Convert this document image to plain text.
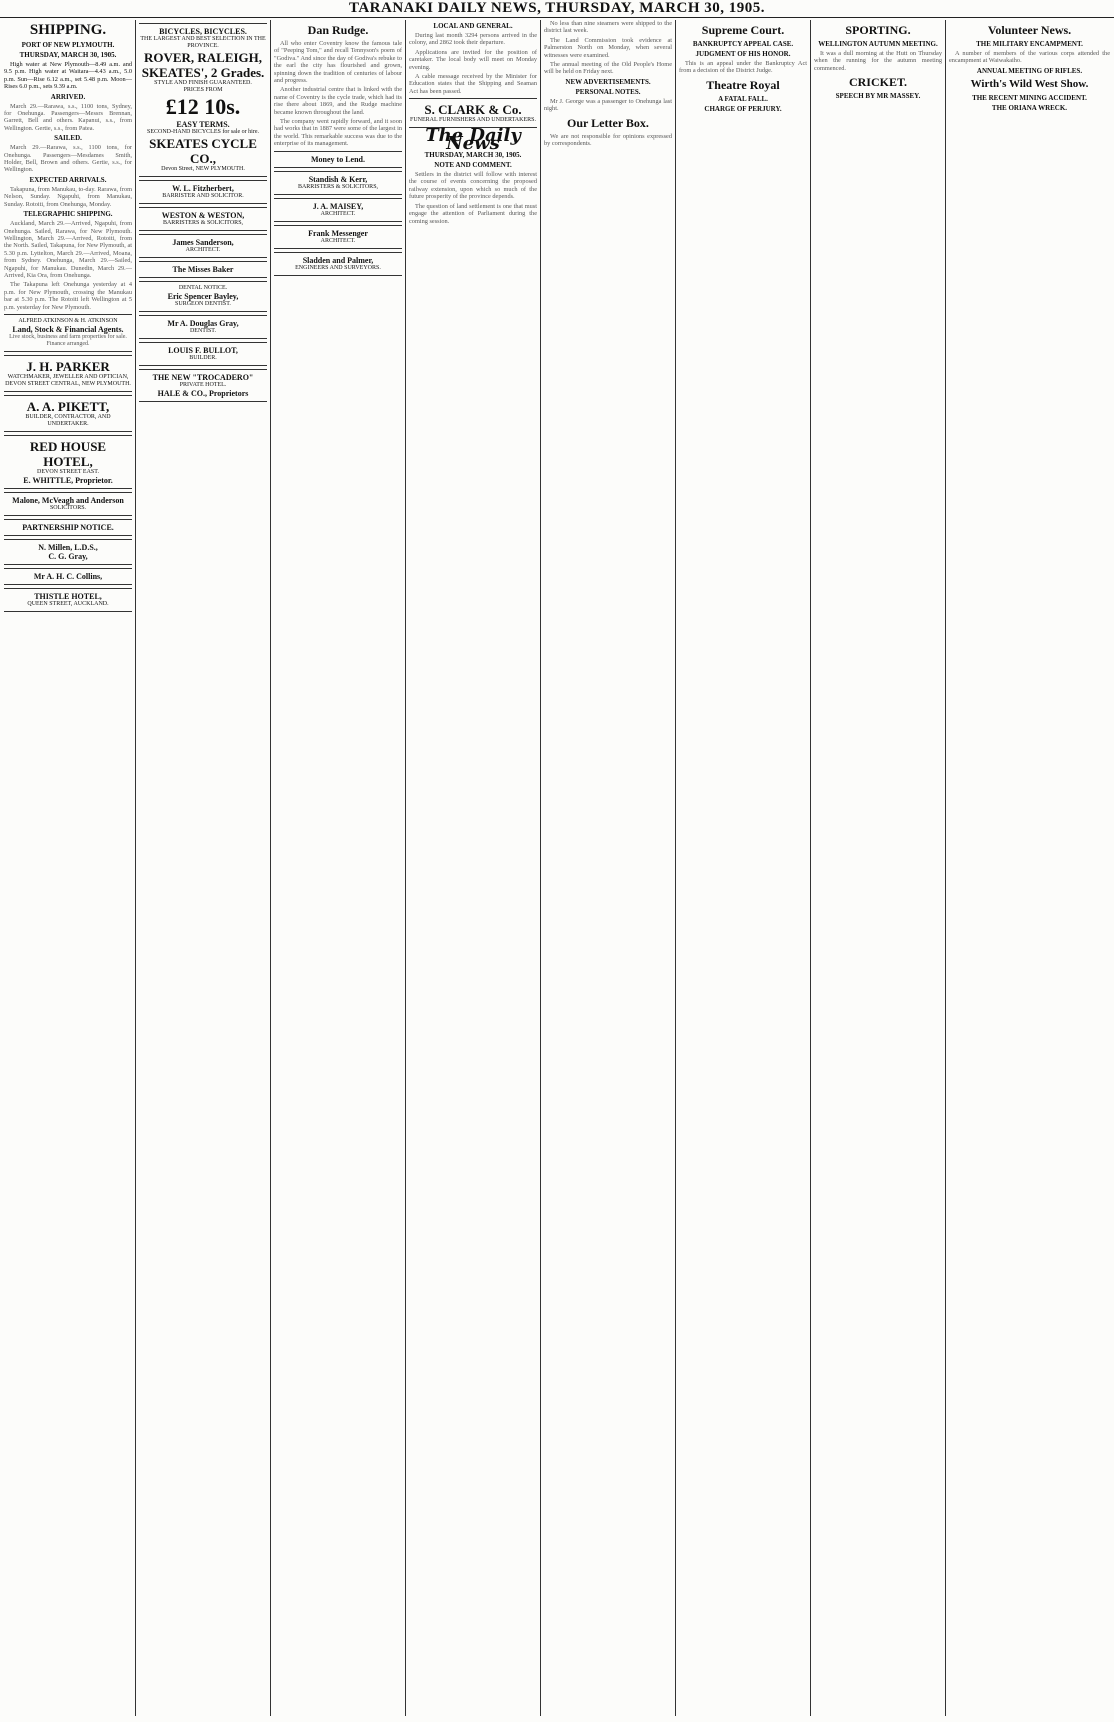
TARANAKI DAILY NEWS, THURSDAY, MARCH 30, 1905.
SHIPPING.
PORT OF NEW PLYMOUTH.
THURSDAY, MARCH 30, 1905.

High water at New Plymouth—8.49 a.m. and 9.5 p.m. High water at Waitara—4.43 a.m., 5.0 p.m. Sun—Rise 6.12 a.m., set 5.48 p.m. Moon—Rises 6.0 p.m., sets 9.39 a.m.

ARRIVED.

March 29.—Rarawa, s.s., 1100 tons, Sydney, for Onehunga. Passengers—Messrs Brennan, Garrett, Bell and others. Kapanui, s.s., from Wellington. Gertie, s.s., from Patea.

SAILED.

March 29.—Rarawa, s.s., 1100 tons, for Onehunga. Passengers—Mesdames Smith, Holder, Bell, Brown and others. Gertie, s.s., for Wellington.

EXPECTED ARRIVALS.

Takapuna, from Manukau, to-day. Rarawa, from Nelson, Sunday. Ngapuhi, from Manukau, Sunday. Rotoiti, from Onehunga, Monday.

TELEGRAPHIC SHIPPING.

Auckland, March 29.—Arrived, Ngapuhi, from Onehunga. Sailed, Rarawa, for New Plymouth. Wellington, March 29.—Arrived, Rotoiti, from the North. Sailed, Takapuna, for New Plymouth, at 5.30 p.m. Lyttelton, March 29.—Arrived, Moana, from Sydney. Onehunga, March 29.—Sailed, Ngapuhi, for Manukau. Dunedin, March 29.—Arrived, Kia Ora, from Onehunga.

The Takapuna left Onehunga yesterday at 4 p.m. for New Plymouth, crossing the Manukau bar at 5.30 p.m. The Rotoiti left Wellington at 5 p.m. yesterday for New Plymouth.

ALFRED ATKINSON & H. ATKINSON
Land, Stock & Financial Agents.
Live stock, business and farm properties for sale. Finance arranged.
J. H. PARKER
WATCHMAKER, JEWELLER AND OPTICIAN,
DEVON STREET CENTRAL, NEW PLYMOUTH.
A. A. PIKETT,
BUILDER, CONTRACTOR, AND UNDERTAKER.
RED HOUSE HOTEL,
DEVON STREET EAST.
E. WHITTLE, Proprietor.
Malone, McVeagh and Anderson
SOLICITORS.
PARTNERSHIP NOTICE.
N. Millen, L.D.S.,
C. G. Gray,
Mr A. H. C. Collins,
THISTLE HOTEL,
QUEEN STREET, AUCKLAND.
BICYCLES, BICYCLES.
THE LARGEST AND BEST SELECTION IN THE PROVINCE.
ROVER, RALEIGH, SKEATES', 2 Grades.
STYLE AND FINISH GUARANTEED.
PRICES FROM
£12 10s.
EASY TERMS.
SECOND-HAND BICYCLES for sale or hire.
SKEATES CYCLE CO.,
Devon Street, NEW PLYMOUTH.
W. L. Fitzherbert,
BARRISTER AND SOLICITOR.
WESTON & WESTON,
BARRISTERS & SOLICITORS,
James Sanderson,
ARCHITECT.
The Misses Baker
DENTAL NOTICE.
Eric Spencer Bayley,
SURGEON DENTIST.
Mr A. Douglas Gray,
DENTIST.
LOUIS F. BULLOT,
BUILDER.
THE NEW "TROCADERO"
PRIVATE HOTEL.
HALE & CO., Proprietors
Dan Rudge.

All who enter Coventry know the famous tale of "Peeping Tom," and recall Tennyson's poem of "Godiva." And since the day of Godiva's rebuke to the earl the city has flourished and grown, spinning down the tradition of centuries of labour and progress.

Another industrial centre that is linked with the name of Coventry is the cycle trade, which had its rise there about 1869, and the Rudge machine became known throughout the land.

The company went rapidly forward, and it soon had works that in 1887 were some of the largest in the world. This remarkable success was due to the enterprise of its management.

Money to Lend.
Standish & Kerr,
BARRISTERS & SOLICITORS,
J. A. MAISEY,
ARCHITECT.
Frank Messenger
ARCHITECT.
Sladden and Palmer,
ENGINEERS AND SURVEYORS.
LOCAL AND GENERAL.

During last month 3294 persons arrived in the colony, and 2862 took their departure.

Applications are invited for the position of caretaker. The local body will meet on Monday evening.

A cable message received by the Minister for Education states that the Shipping and Seaman Act has been passed.

S. CLARK & Co.
FUNERAL FURNISHERS AND UNDERTAKERS.
The Daily News
THURSDAY, MARCH 30, 1905.
NOTE AND COMMENT.

Settlers in the district will follow with interest the course of events concerning the proposed railway extension, upon which so much of the future prosperity of the province depends.

The question of land settlement is one that must engage the attention of Parliament during the coming session.

No less than nine steamers were shipped to the district last week.

The Land Commission took evidence at Palmerston North on Monday, when several witnesses were examined.

The annual meeting of the Old People's Home will be held on Friday next.

NEW ADVERTISEMENTS.
PERSONAL NOTES.

Mr J. George was a passenger to Onehunga last night.

Our Letter Box.

We are not responsible for opinions expressed by correspondents.

Supreme Court.
BANKRUPTCY APPEAL CASE.
JUDGMENT OF HIS HONOR.

This is an appeal under the Bankruptcy Act from a decision of the District Judge.

Theatre Royal
A FATAL FALL.
CHARGE OF PERJURY.
SPORTING.
WELLINGTON AUTUMN MEETING.

It was a dull morning at the Hutt on Thursday when the running for the autumn meeting commenced.

CRICKET.
SPEECH BY MR MASSEY.
Volunteer News.
THE MILITARY ENCAMPMENT.

A number of members of the various corps attended the encampment at Waiwakaiho.

ANNUAL MEETING OF RIFLES.
Wirth's Wild West Show.
THE RECENT MINING ACCIDENT.
THE ORIANA WRECK.
